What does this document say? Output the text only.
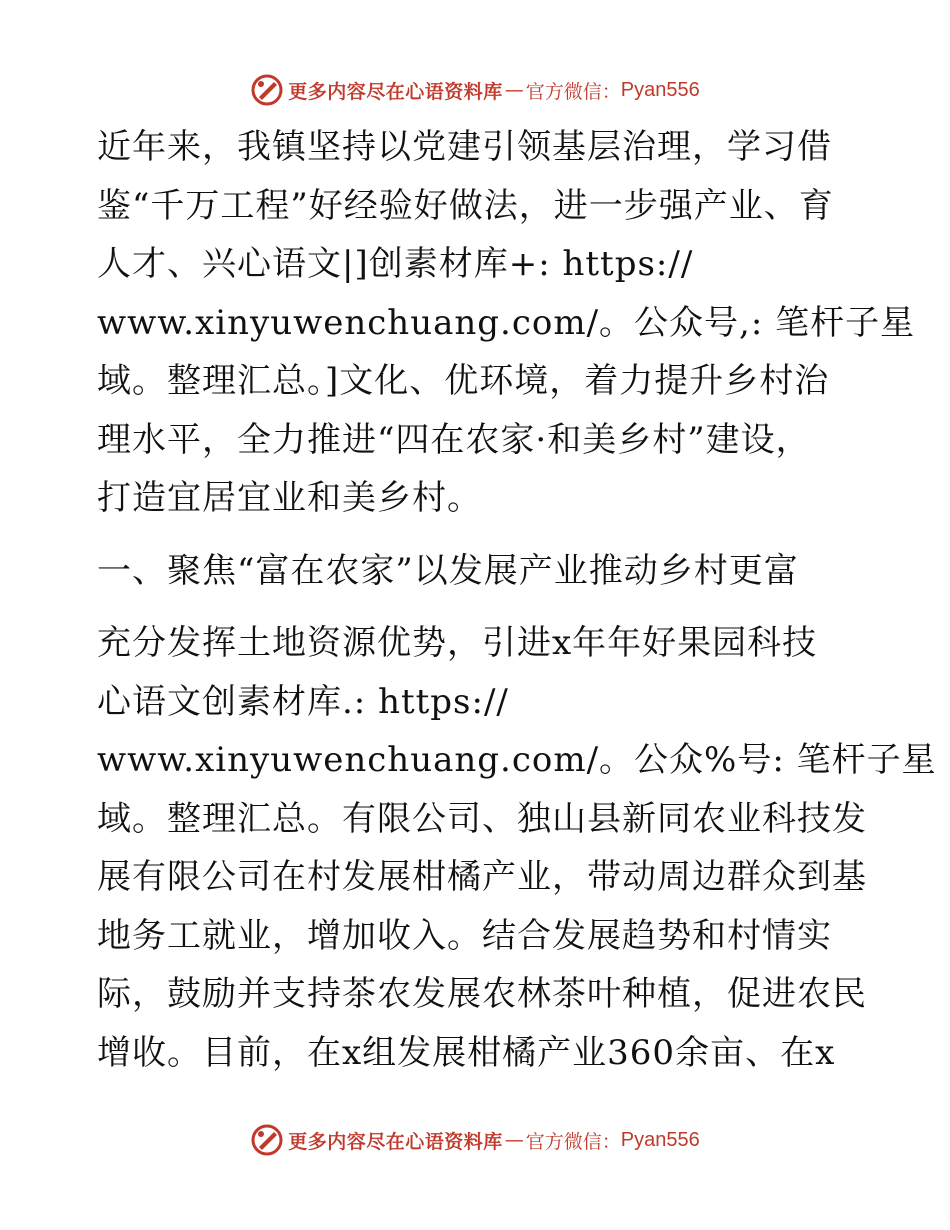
更多内容尽在心语资料库 — 官方微信： Pyan556
近年来，我镇坚持以党建引领基层治理，学习借
鉴“千万工程”好经验好做法，进一步强产业、育
人才、兴心语文|]创素材库+: https://
www.xinyuwenchuang.com/。公众号,: 笔杆子星
域。整理汇总。]文化、优环境，着力提升乡村治
理水平，全力推进“四在农家·和美乡村”建设，
打造宜居宜业和美乡村。
一、聚焦“富在农家”以发展产业推动乡村更富
充分发挥土地资源优势，引进x年年好果园科技
心语文创素材库.: https://
www.xinyuwenchuang.com/。公众%号: 笔杆子星
域。整理汇总。有限公司、独山县新同农业科技发
展有限公司在村发展柑橘产业，带动周边群众到基
地务工就业，增加收入。结合发展趋势和村情实
际，鼓励并支持茶农发展农林茶叶种植，促进农民
增收。目前，在x组发展柑橘产业360余亩、在x
更多内容尽在心语资料库 — 官方微信： Pyan556
